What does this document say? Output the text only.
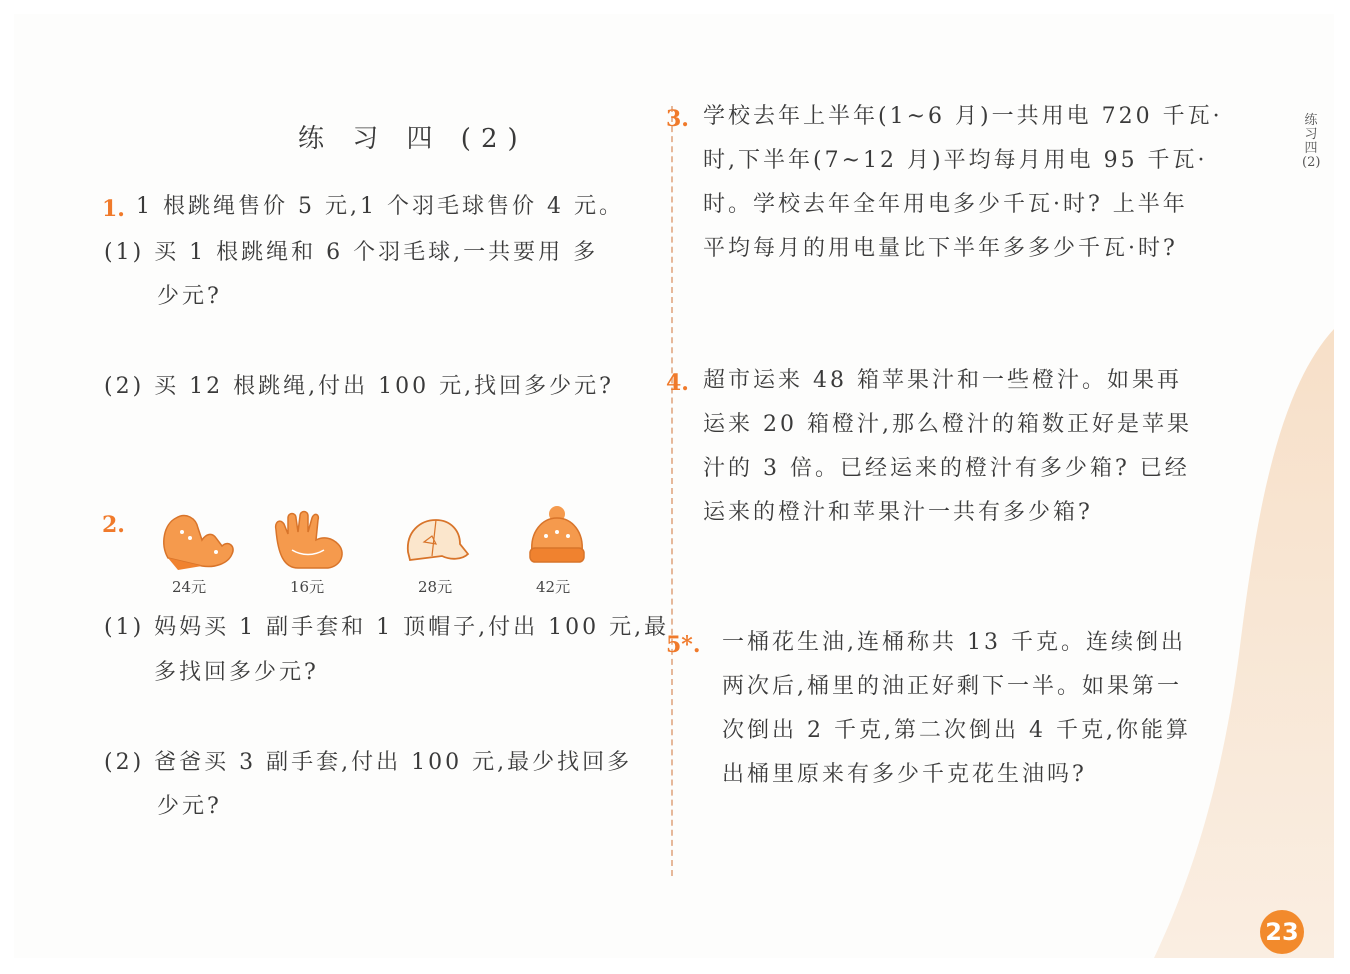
练 习 四 (2)
1. 1 根跳绳售价 5 元,1 个羽毛球售价 4 元。
(1) 买 1 根跳绳和 6 个羽毛球,一共要用 多
少元?
(2) 买 12 根跳绳,付出 100 元,找回多少元?
2.
24元	16元	28元	42元
(1) 妈妈买 1 副手套和 1 顶帽子,付出 100 元,最
多找回多少元?
(2) 爸爸买 3 副手套,付出 100 元,最少找回多
少元?
3. 学校去年上半年(1~6 月)一共用电 720 千瓦·
时,下半年(7~12 月)平均每月用电 95 千瓦·
时。学校去年全年用电多少千瓦·时? 上半年
平均每月的用电量比下半年多多少千瓦·时?
4. 超市运来 48 箱苹果汁和一些橙汁。如果再
运来 20 箱橙汁,那么橙汁的箱数正好是苹果
汁的 3 倍。已经运来的橙汁有多少箱? 已经
运来的橙汁和苹果汁一共有多少箱?
5*. 一桶花生油,连桶称共 13 千克。连续倒出
两次后,桶里的油正好剩下一半。如果第一
次倒出 2 千克,第二次倒出 4 千克,你能算
出桶里原来有多少千克花生油吗?
练习四(2)
23
